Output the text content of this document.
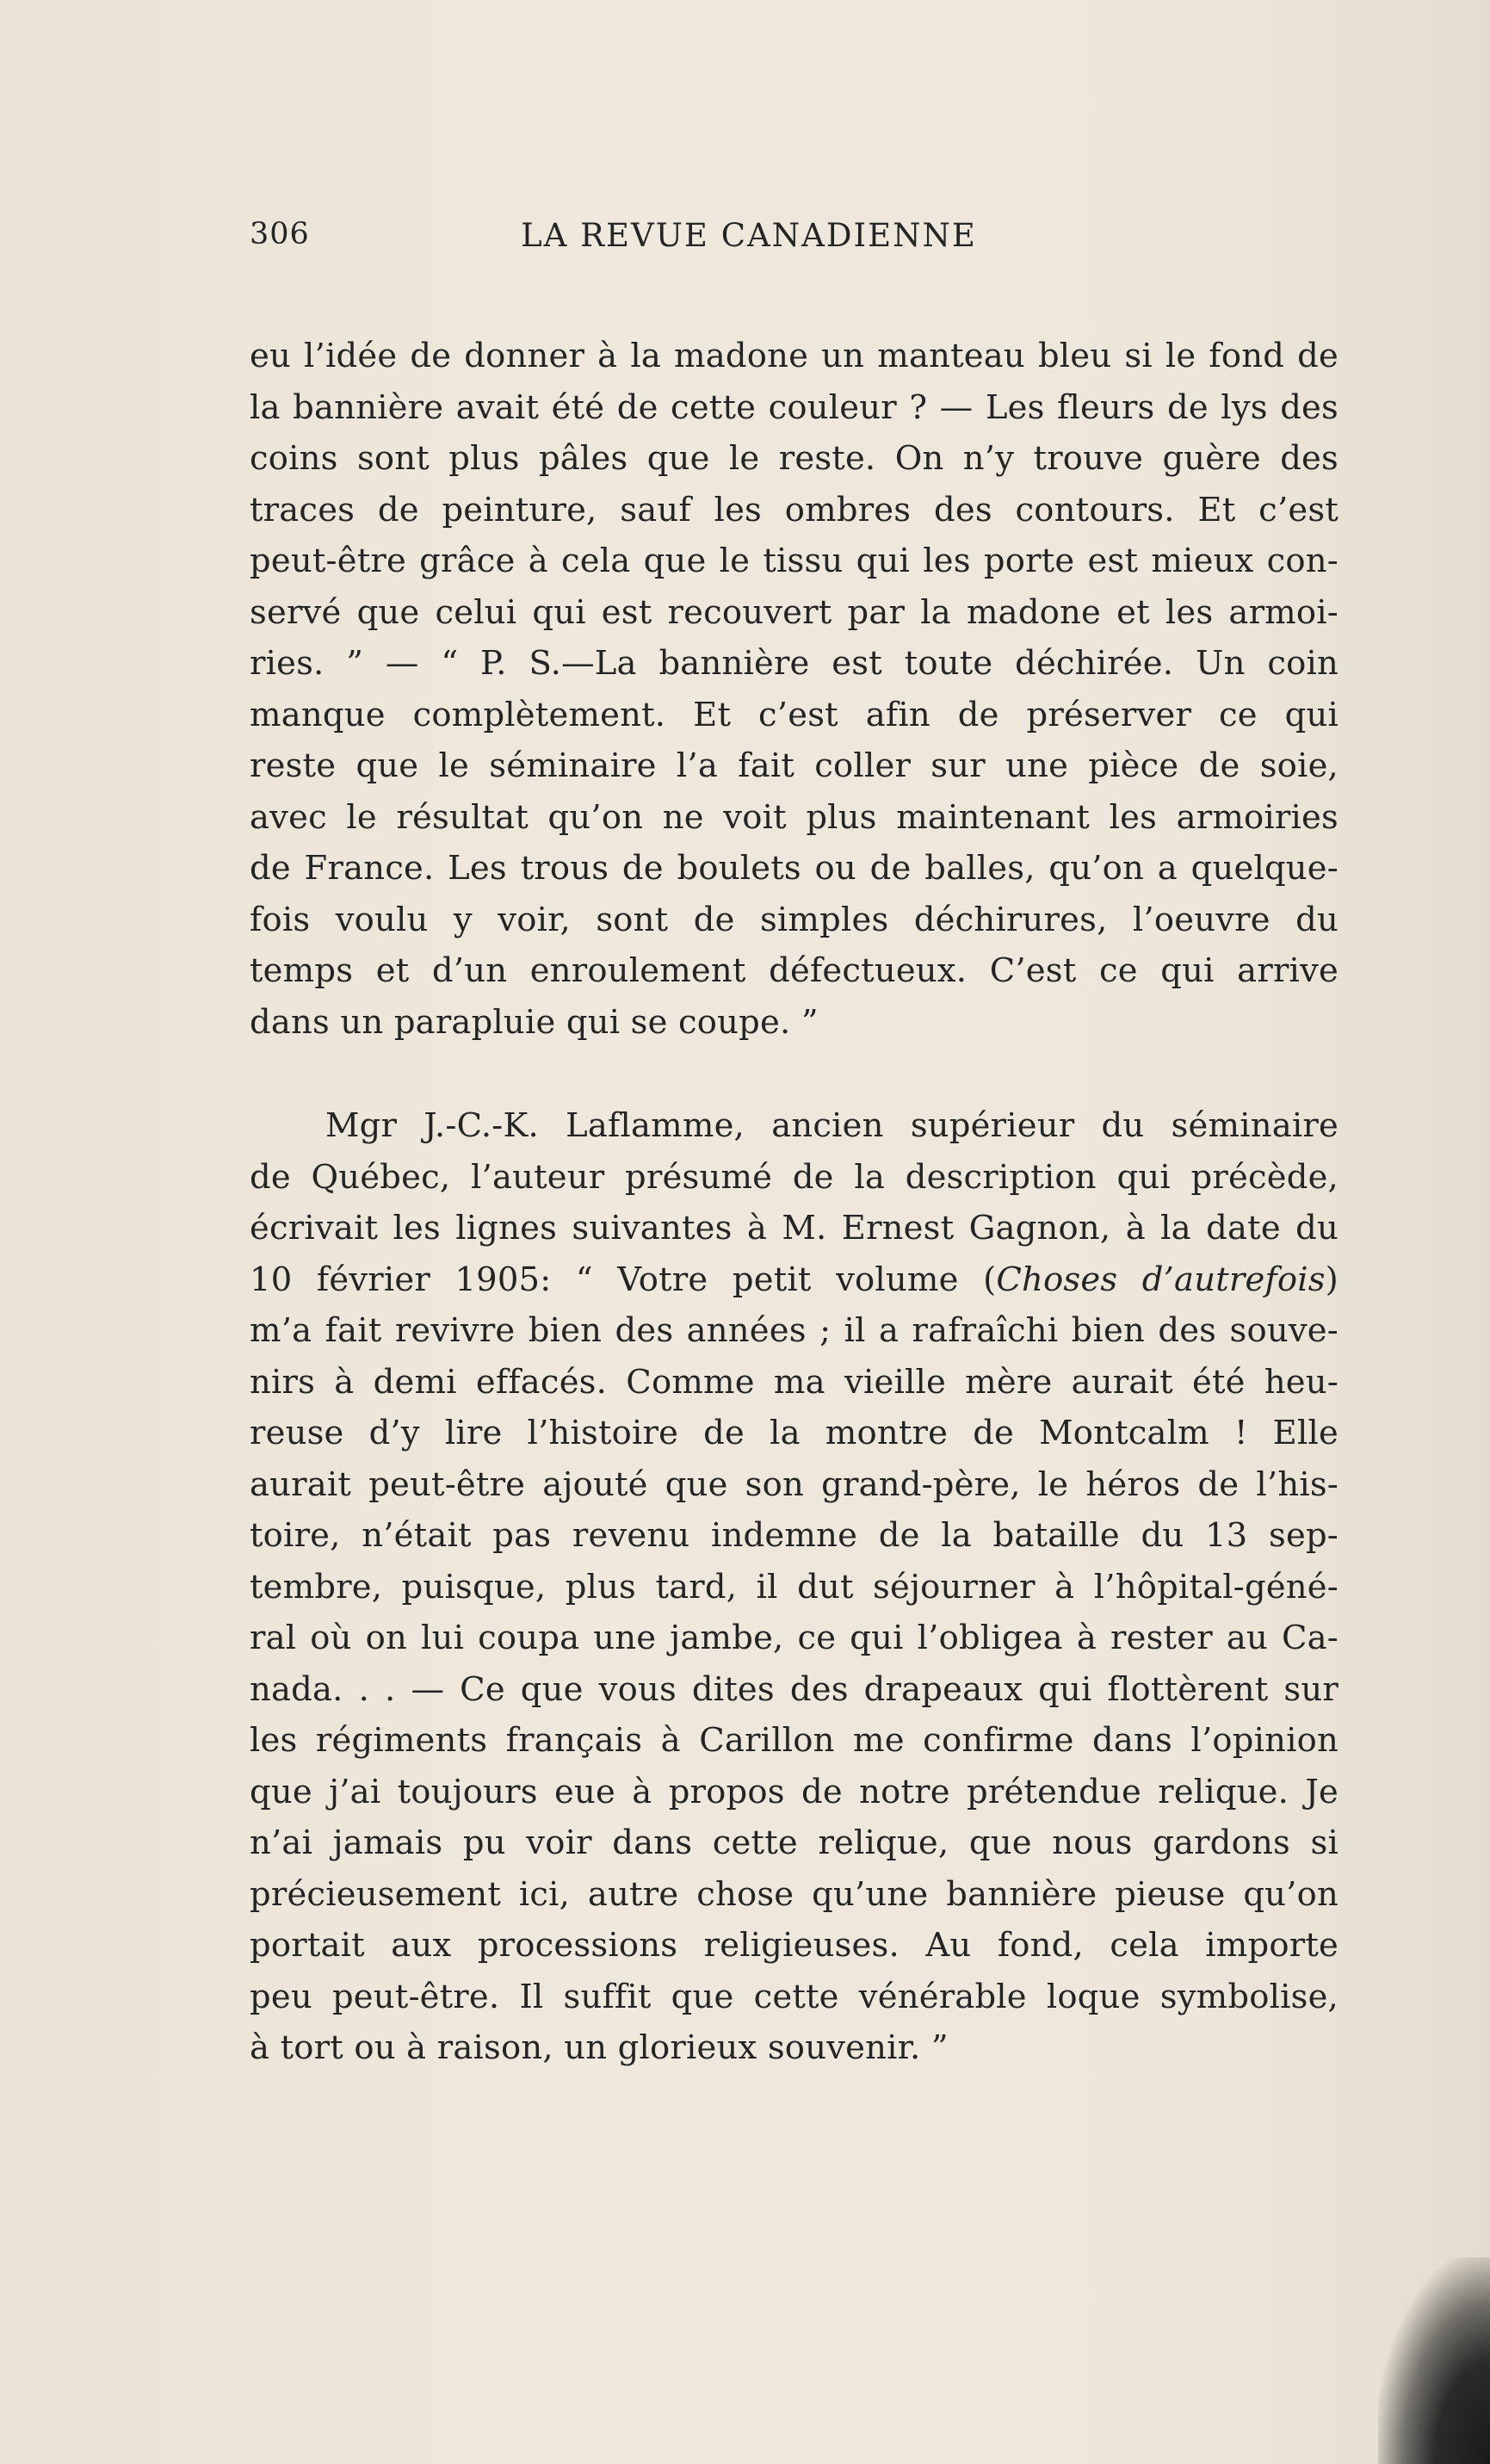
306	LA REVUE CANADIENNE

eu l’idée de donner à la madone un manteau bleu si le fond de
la bannière avait été de cette couleur ? — Les fleurs de lys des
coins sont plus pâles que le reste. On n’y trouve guère des
traces de peinture, sauf les ombres des contours. Et c’est
peut-être grâce à cela que le tissu qui les porte est mieux con-
servé que celui qui est recouvert par la madone et les armoi-
ries. ” — “ P. S.—La bannière est toute déchirée. Un coin
manque complètement. Et c’est afin de préserver ce qui
reste que le séminaire l’a fait coller sur une pièce de soie,
avec le résultat qu’on ne voit plus maintenant les armoiries
de France. Les trous de boulets ou de balles, qu’on a quelque-
fois voulu y voir, sont de simples déchirures, l’oeuvre du
temps et d’un enroulement défectueux. C’est ce qui arrive
dans un parapluie qui se coupe. ”

Mgr J.-C.-K. Laflamme, ancien supérieur du séminaire
de Québec, l’auteur présumé de la description qui précède,
écrivait les lignes suivantes à M. Ernest Gagnon, à la date du
10 février 1905: “ Votre petit volume (Choses d’autrefois)
m’a fait revivre bien des années ; il a rafraîchi bien des souve-
nirs à demi effacés. Comme ma vieille mère aurait été heu-
reuse d’y lire l’histoire de la montre de Montcalm ! Elle
aurait peut-être ajouté que son grand-père, le héros de l’his-
toire, n’était pas revenu indemne de la bataille du 13 sep-
tembre, puisque, plus tard, il dut séjourner à l’hôpital-géné-
ral où on lui coupa une jambe, ce qui l’obligea à rester au Ca-
nada. . . — Ce que vous dites des drapeaux qui flottèrent sur
les régiments français à Carillon me confirme dans l’opinion
que j’ai toujours eue à propos de notre prétendue relique. Je
n’ai jamais pu voir dans cette relique, que nous gardons si
précieusement ici, autre chose qu’une bannière pieuse qu’on
portait aux processions religieuses. Au fond, cela importe
peu peut-être. Il suffit que cette vénérable loque symbolise,
à tort ou à raison, un glorieux souvenir. ”
